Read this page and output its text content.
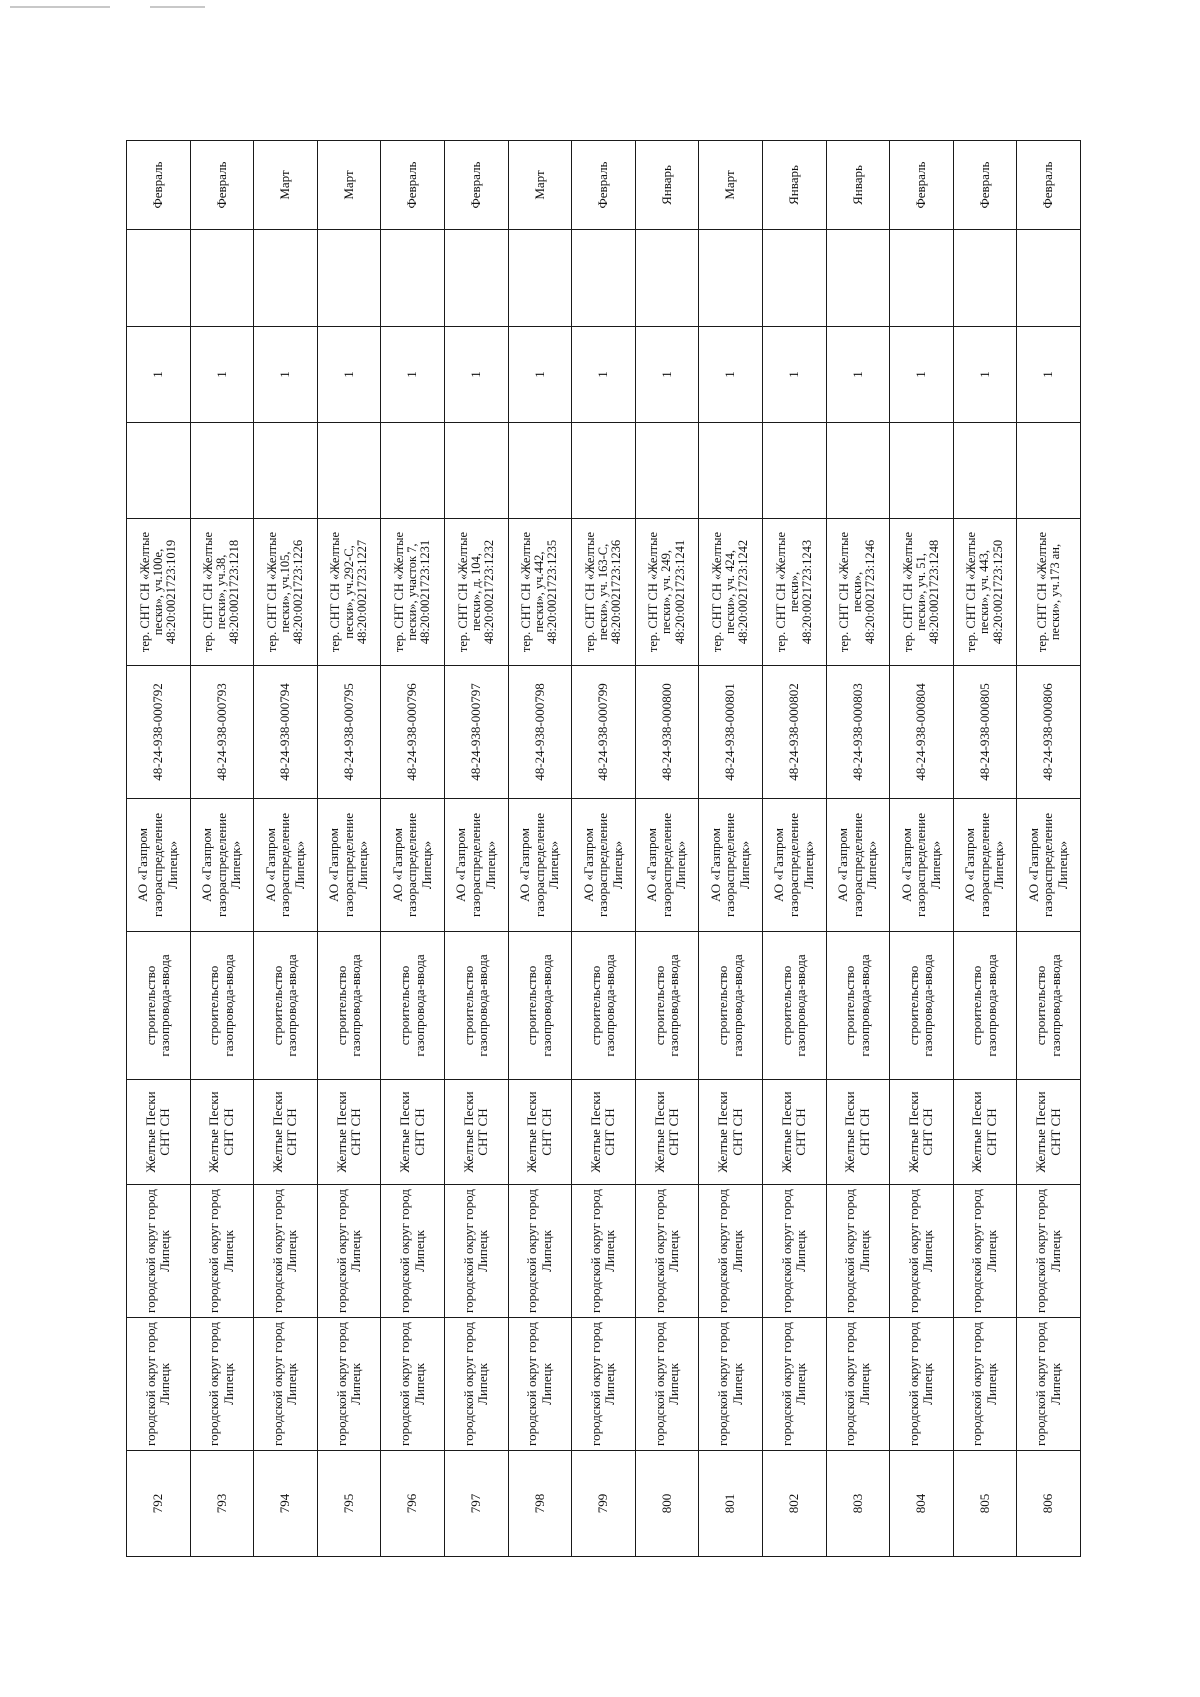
792	городской округ город Липецк	городской округ город Липецк	Желтые Пески СНТ СН	строительство газопровода-ввода	АО «Газпром газораспределение Липецк»	48-24-938-000792	тер. СНТ СН «Желтые пески», уч.100е, 48:20:0021723:1019		1		Февраль	
793	городской округ город Липецк	городской округ город Липецк	Желтые Пески СНТ СН	строительство газопровода-ввода	АО «Газпром газораспределение Липецк»	48-24-938-000793	тер. СНТ СН «Желтые пески», уч.38, 48:20:0021723:1218		1		Февраль	
794	городской округ город Липецк	городской округ город Липецк	Желтые Пески СНТ СН	строительство газопровода-ввода	АО «Газпром газораспределение Липецк»	48-24-938-000794	тер. СНТ СН «Желтые пески», уч.105, 48:20:0021723:1226		1		Март	
795	городской округ город Липецк	городской округ город Липецк	Желтые Пески СНТ СН	строительство газопровода-ввода	АО «Газпром газораспределение Липецк»	48-24-938-000795	тер. СНТ СН «Желтые пески», уч.292-С, 48:20:0021723:1227		1		Март	
796	городской округ город Липецк	городской округ город Липецк	Желтые Пески СНТ СН	строительство газопровода-ввода	АО «Газпром газораспределение Липецк»	48-24-938-000796	тер. СНТ СН «Желтые пески», участок 7, 48:20:0021723:1231		1		Февраль	
797	городской округ город Липецк	городской округ город Липецк	Желтые Пески СНТ СН	строительство газопровода-ввода	АО «Газпром газораспределение Липецк»	48-24-938-000797	тер. СНТ СН «Желтые пески», д. 104, 48:20:0021723:1232		1		Февраль	
798	городской округ город Липецк	городской округ город Липецк	Желтые Пески СНТ СН	строительство газопровода-ввода	АО «Газпром газораспределение Липецк»	48-24-938-000798	тер. СНТ СН «Желтые пески», уч.442, 48:20:0021723:1235		1		Март	
799	городской округ город Липецк	городской округ город Липецк	Желтые Пески СНТ СН	строительство газопровода-ввода	АО «Газпром газораспределение Липецк»	48-24-938-000799	тер. СНТ СН «Желтые пески», уч. 163-С, 48:20:0021723:1236		1		Февраль	
800	городской округ город Липецк	городской округ город Липецк	Желтые Пески СНТ СН	строительство газопровода-ввода	АО «Газпром газораспределение Липецк»	48-24-938-000800	тер. СНТ СН «Желтые пески», уч. 249, 48:20:0021723:1241		1		Январь	
801	городской округ город Липецк	городской округ город Липецк	Желтые Пески СНТ СН	строительство газопровода-ввода	АО «Газпром газораспределение Липецк»	48-24-938-000801	тер. СНТ СН «Желтые пески», уч. 424, 48:20:0021723:1242		1		Март	
802	городской округ город Липецк	городской округ город Липецк	Желтые Пески СНТ СН	строительство газопровода-ввода	АО «Газпром газораспределение Липецк»	48-24-938-000802	тер. СНТ СН «Желтые пески», 48:20:0021723:1243		1		Январь	
803	городской округ город Липецк	городской округ город Липецк	Желтые Пески СНТ СН	строительство газопровода-ввода	АО «Газпром газораспределение Липецк»	48-24-938-000803	тер. СНТ СН «Желтые пески», 48:20:0021723:1246		1		Январь	
804	городской округ город Липецк	городской округ город Липецк	Желтые Пески СНТ СН	строительство газопровода-ввода	АО «Газпром газораспределение Липецк»	48-24-938-000804	тер. СНТ СН «Желтые пески», уч. 51, 48:20:0021723:1248		1		Февраль	
805	городской округ город Липецк	городской округ город Липецк	Желтые Пески СНТ СН	строительство газопровода-ввода	АО «Газпром газораспределение Липецк»	48-24-938-000805	тер. СНТ СН «Желтые пески», уч. 443, 48:20:0021723:1250		1		Февраль	
806	городской округ город Липецк	городской округ город Липецк	Желтые Пески СНТ СН	строительство газопровода-ввода	АО «Газпром газораспределение Липецк»	48-24-938-000806	тер. СНТ СН «Желтые пески», уч.173 ан,		1		Февраль	
